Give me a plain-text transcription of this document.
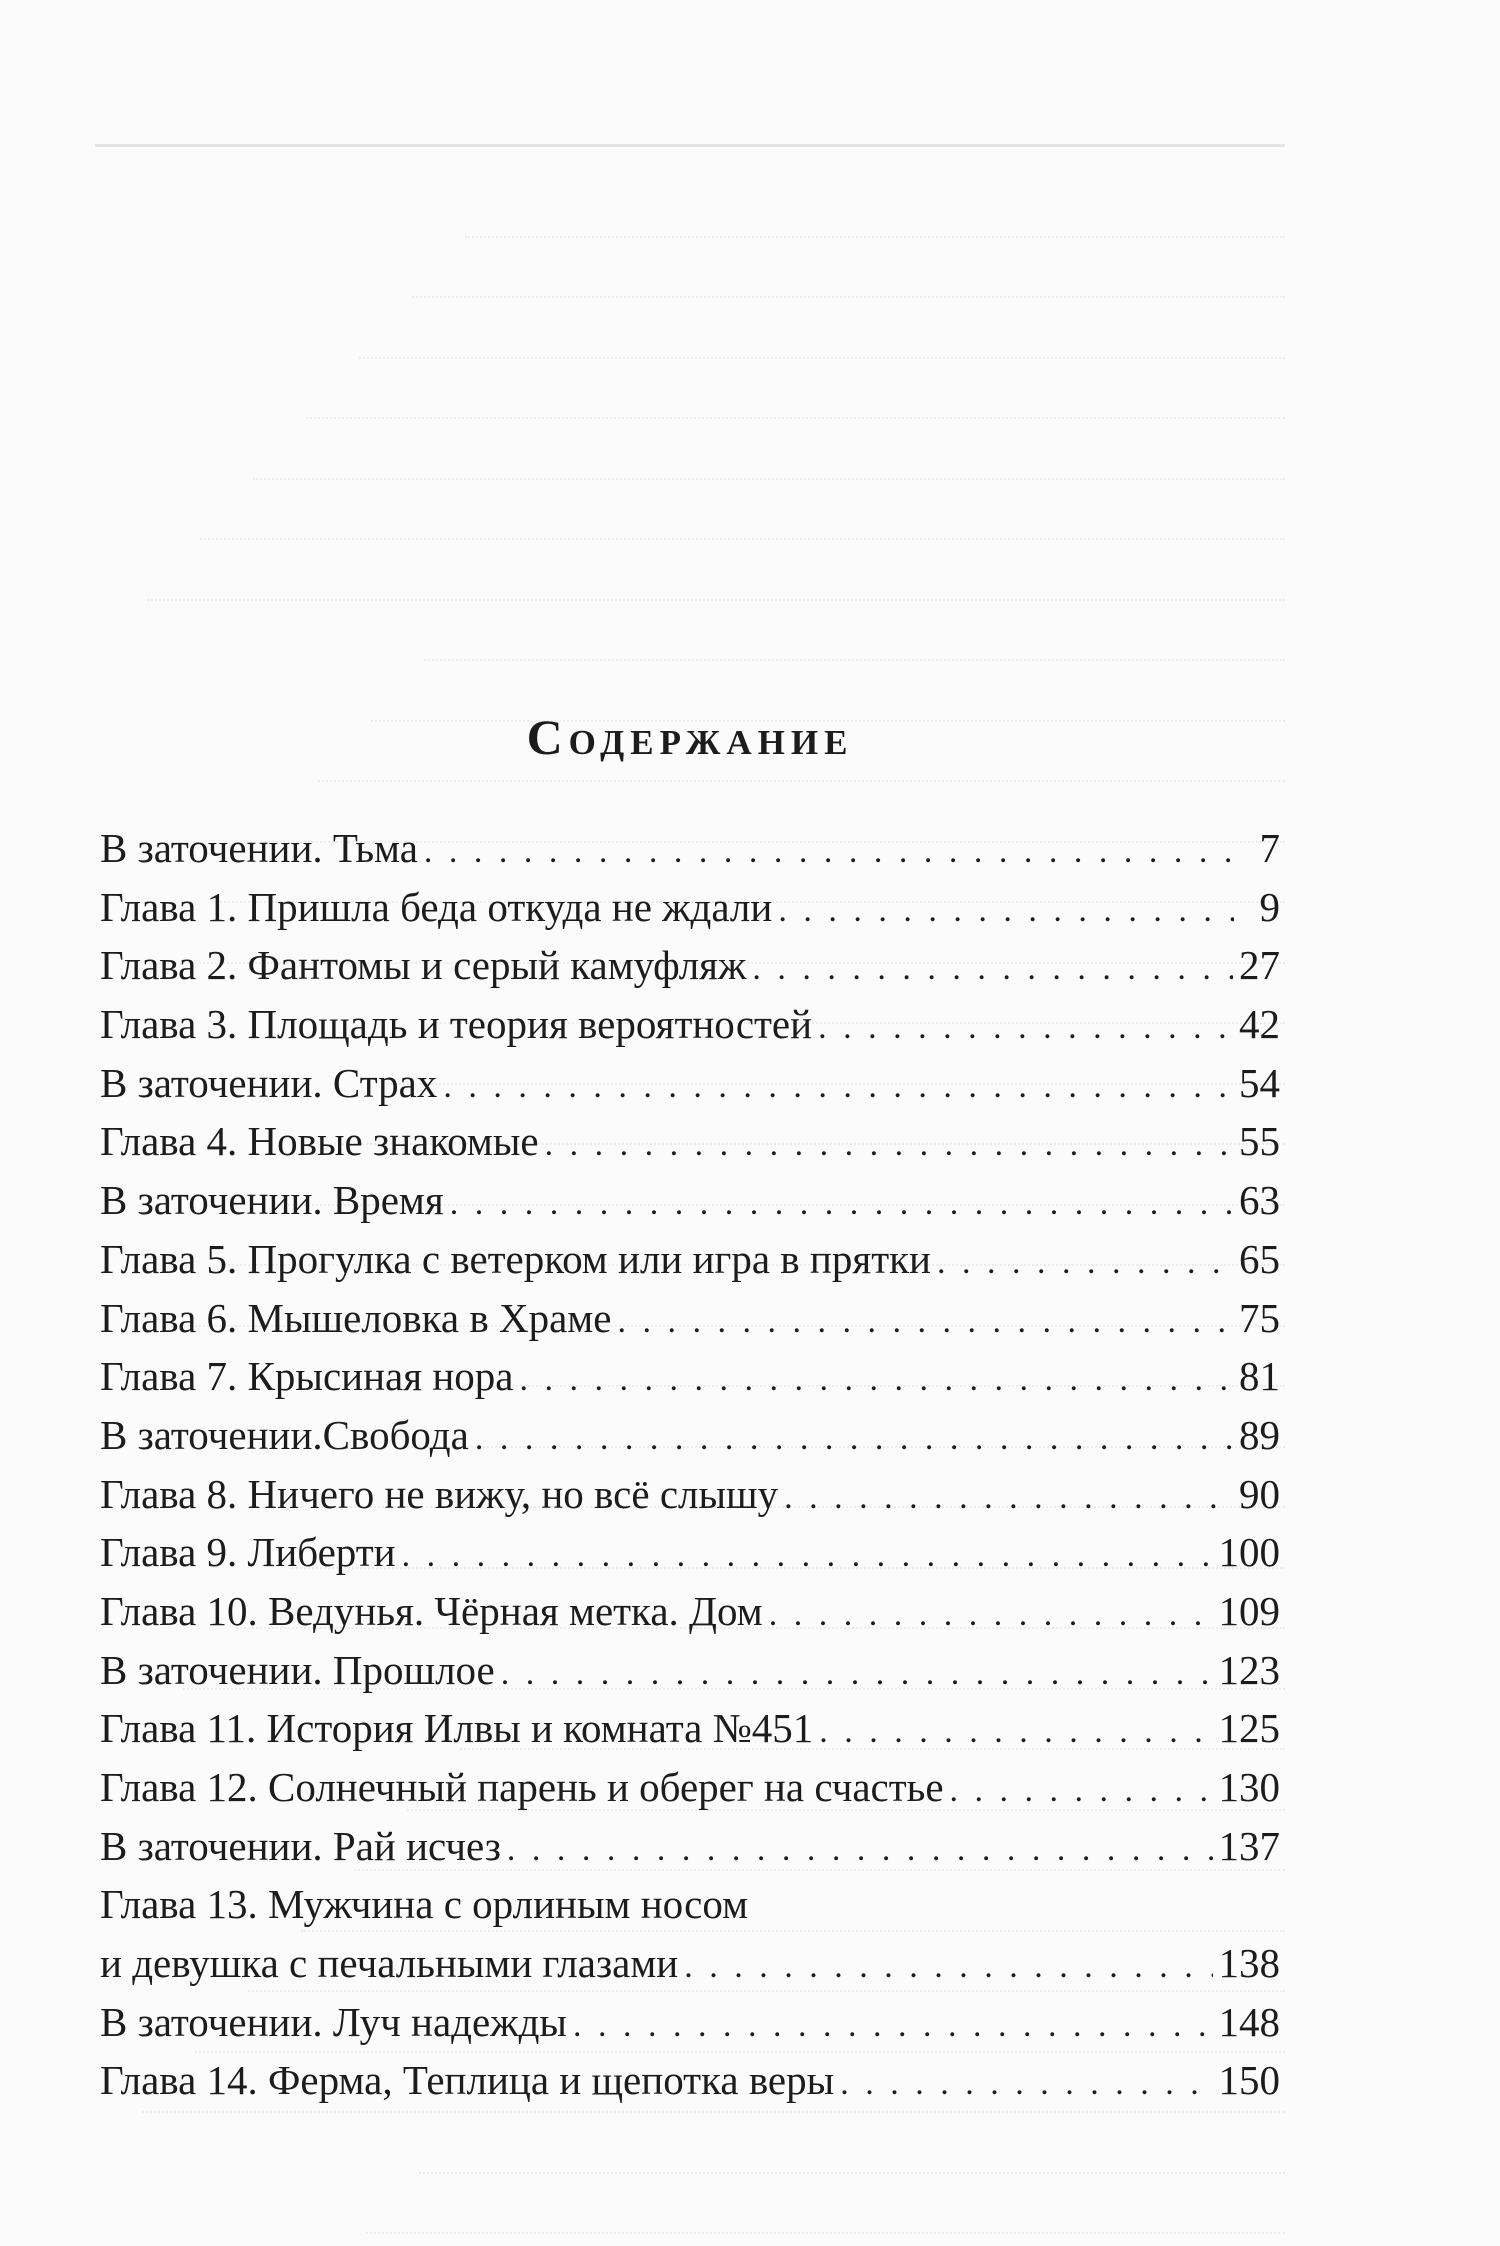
Содержание
В заточении. Тьма . . .	7
Глава 1. Пришла беда откуда не ждали . . .	9
Глава 2. Фантомы и серый камуфляж . . .	27
Глава 3. Площадь и теория вероятностей . . .	42
В заточении. Страх . . .	54
Глава 4. Новые знакомые . . .	55
В заточении. Время . . .	63
Глава 5. Прогулка с ветерком или игра в прятки . . .	65
Глава 6. Мышеловка в Храме . . .	75
Глава 7. Крысиная нора . . .	81
В заточении.Свобода . . .	89
Глава 8. Ничего не вижу, но всё слышу . . .	90
Глава 9. Либерти . . .	100
Глава 10. Ведунья. Чёрная метка. Дом . . .	109
В заточении. Прошлое . . .	123
Глава 11. История Илвы и комната №451 . . .	125
Глава 12. Солнечный парень и оберег на счастье . . .	130
В заточении. Рай исчез . . .	137
Глава 13. Мужчина с орлиным носом
и девушка с печальными глазами . . .	138
В заточении. Луч надежды . . .	148
Глава 14. Ферма, Теплица и щепотка веры . . .	150
